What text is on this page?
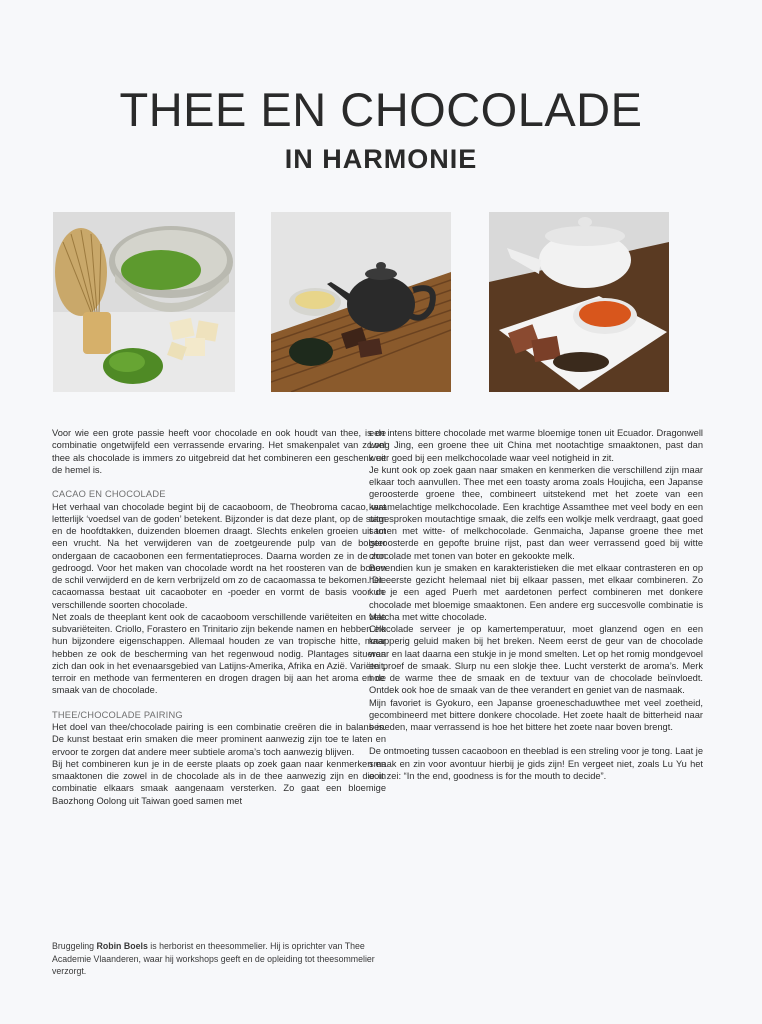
THEE EN CHOCOLADE
IN HARMONIE

Voor wie een grote passie heeft voor chocolade en ook houdt van thee, is de combinatie ongetwijfeld een verrassende ervaring. Het smakenpalet van zowel thee als chocolade is immers zo uitgebreid dat het combineren een geschenk uit de hemel is.

CACAO EN CHOCOLADE

Het verhaal van chocolade begint bij de cacaoboom, de Theobroma cacao, wat letterlijk ‘voedsel van de goden’ betekent. Bijzonder is dat deze plant, op de stam en de hoofdtakken, duizenden bloemen draagt. Slechts enkelen groeien uit tot een vrucht. Na het verwijderen van de zoetgeurende pulp van de bolster ondergaan de cacaobonen een fermentatieproces. Daarna worden ze in de zon gedroogd. Voor het maken van chocolade wordt na het roosteren van de bonen de schil verwijderd en de kern verbrijzeld om zo de cacaomassa te bekomen. Die cacaomassa bestaat uit cacaoboter en -poeder en vormt de basis voor de verschillende soorten chocolade.

Net zoals de theeplant kent ook de cacaoboom verschillende variëteiten en vele subvariëteiten. Criollo, Forastero en Trinitario zijn bekende namen en hebben elk hun bijzondere eigenschappen. Allemaal houden ze van tropische hitte, maar hebben ze ook de bescherming van het regenwoud nodig. Plantages situeren zich dan ook in het evenaarsgebied van Latijns-Amerika, Afrika en Azië. Variëteit, terroir en methode van fermenteren en drogen dragen bij aan het aroma en de smaak van de chocolade.

THEE/CHOCOLADE PAIRING

Het doel van thee/chocolade pairing is een combinatie creëren die in balans is. De kunst bestaat erin smaken die meer prominent aanwezig zijn toe te laten en ervoor te zorgen dat andere meer subtiele aroma’s toch aanwezig blijven.

Bij het combineren kun je in de eerste plaats op zoek gaan naar kenmerken en smaaktonen die zowel in de chocolade als in de thee aanwezig zijn en die in combinatie elkaars smaak aangenaam versterken. Zo gaat een bloemige Baozhong Oolong uit Taiwan goed samen met

een intens bittere chocolade met warme bloemige tonen uit Ecuador. Dragonwell Long Jing, een groene thee uit China met nootachtige smaaktonen, past dan weer goed bij een melkchocolade waar veel notigheid in zit.

Je kunt ook op zoek gaan naar smaken en kenmerken die verschillend zijn maar elkaar toch aanvullen. Thee met een toasty aroma zoals Houjicha, een Japanse geroosterde groene thee, combineert uitstekend met het zoete van een karamelachtige melkchocolade. Een krachtige Assamthee met veel body en een uitgesproken moutachtige smaak, die zelfs een wolkje melk verdraagt, gaat goed samen met witte- of melkchocolade. Genmaicha, Japanse groene thee met geroosterde en gepofte bruine rijst, past dan weer verrassend goed bij witte chocolade met tonen van boter en gekookte melk.

Bovendien kun je smaken en karakteristieken die met elkaar contrasteren en op het eerste gezicht helemaal niet bij elkaar passen, met elkaar combineren. Zo kun je een aged Puerh met aardetonen perfect combineren met donkere chocolade met bloemige smaaktonen. Een andere erg succesvolle combinatie is Matcha met witte chocolade.

Chocolade serveer je op kamertemperatuur, moet glanzend ogen en een knapperig geluid maken bij het breken. Neem eerst de geur van de chocolade waar en laat daarna een stukje in je mond smelten. Let op het romig mondgevoel en proef de smaak. Slurp nu een slokje thee. Lucht versterkt de aroma’s. Merk hoe de warme thee de smaak en de textuur van de chocolade beïnvloedt. Ontdek ook hoe de smaak van de thee verandert en geniet van de nasmaak.

Mijn favoriet is Gyokuro, een Japanse groeneschaduwthee met veel zoetheid, gecombineerd met bittere donkere chocolade. Het zoete haalt de bitterheid naar beneden, maar verrassend is hoe het bittere het zoete naar boven brengt.

De ontmoeting tussen cacaoboon en theeblad is een streling voor je tong. Laat je smaak en zin voor avontuur hierbij je gids zijn! En vergeet niet, zoals Lu Yu het ooit zei: “In the end, goodness is for the mouth to decide”.

Bruggeling Robin Boels is herborist en theesommelier. Hij is oprichter van Thee Academie Vlaanderen, waar hij workshops geeft en de opleiding tot theesommelier verzorgt.
